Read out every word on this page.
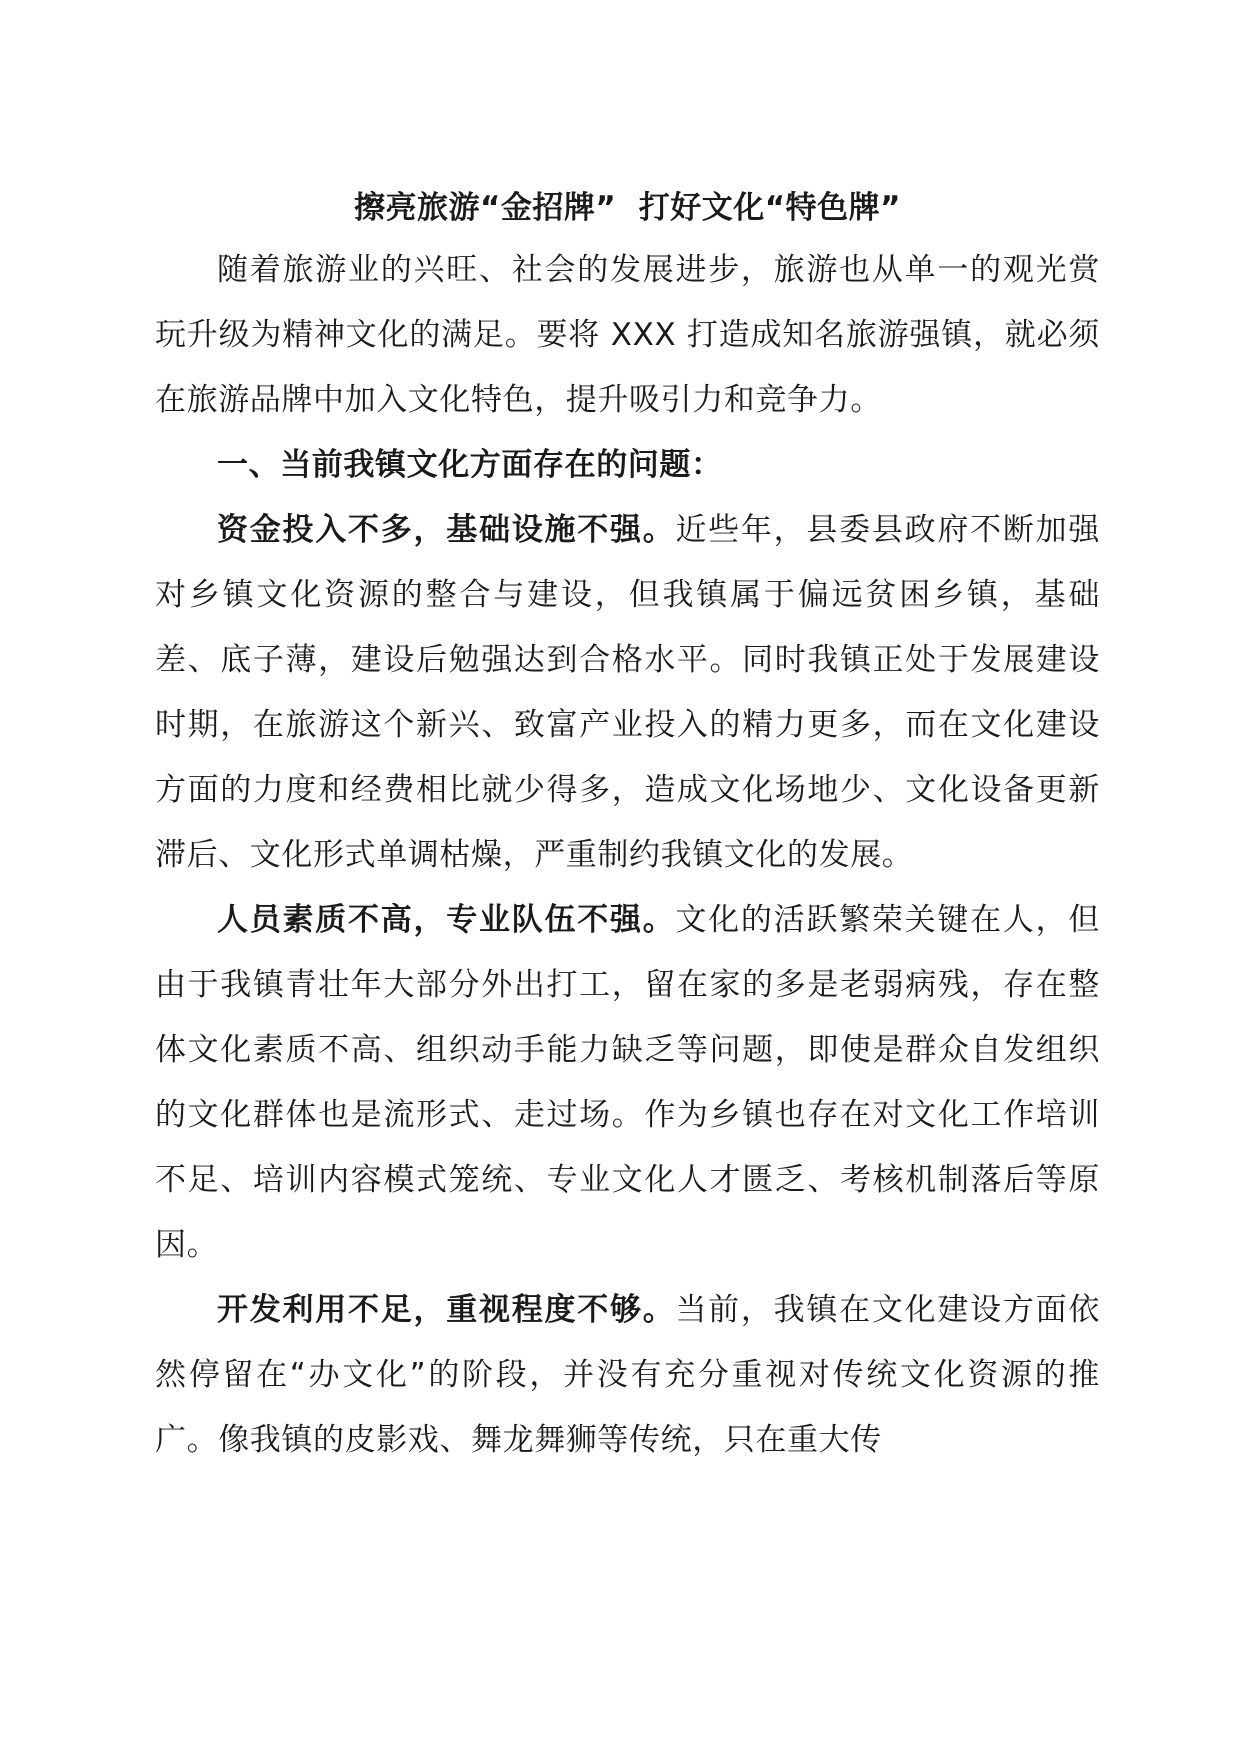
擦亮旅游“金招牌”  打好文化“特色牌”

随着旅游业的兴旺、社会的发展进步，旅游也从单一的观光赏玩升级为精神文化的满足。要将 XXX 打造成知名旅游强镇，就必须在旅游品牌中加入文化特色，提升吸引力和竞争力。

一、当前我镇文化方面存在的问题：

资金投入不多，基础设施不强。近些年，县委县政府不断加强对乡镇文化资源的整合与建设，但我镇属于偏远贫困乡镇，基础差、底子薄，建设后勉强达到合格水平。同时我镇正处于发展建设时期，在旅游这个新兴、致富产业投入的精力更多，而在文化建设方面的力度和经费相比就少得多，造成文化场地少、文化设备更新滞后、文化形式单调枯燥，严重制约我镇文化的发展。

人员素质不高，专业队伍不强。文化的活跃繁荣关键在人，但由于我镇青壮年大部分外出打工，留在家的多是老弱病残，存在整体文化素质不高、组织动手能力缺乏等问题，即使是群众自发组织的文化群体也是流形式、走过场。作为乡镇也存在对文化工作培训不足、培训内容模式笼统、专业文化人才匮乏、考核机制落后等原因。

开发利用不足，重视程度不够。当前，我镇在文化建设方面依然停留在“办文化”的阶段，并没有充分重视对传统文化资源的推广。像我镇的皮影戏、舞龙舞狮等传统，只在重大传
